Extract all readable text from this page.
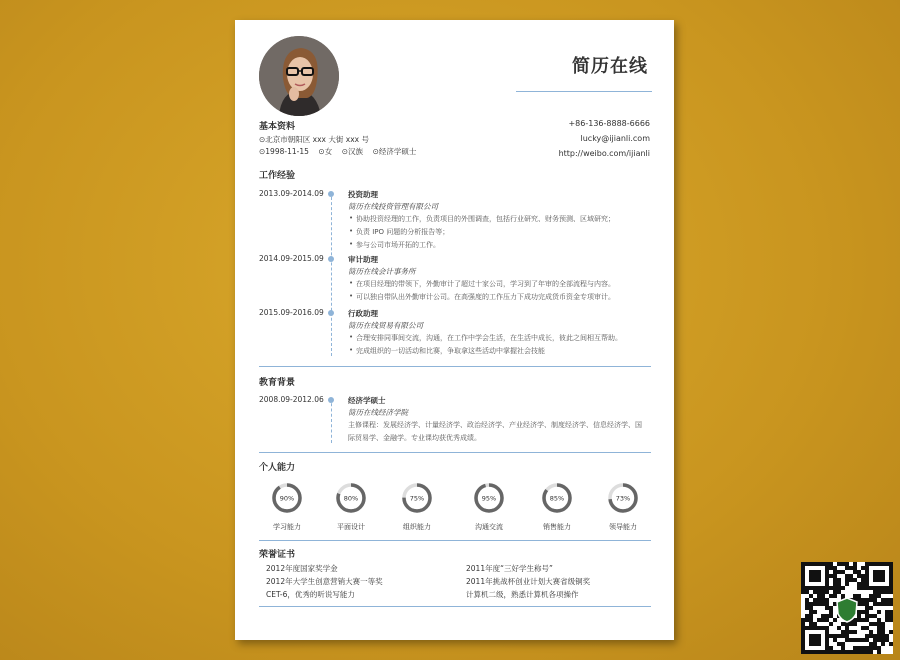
简历在线
+86-136-8888-6666
lucky@ijianli.com
http://weibo.com/ijianli
基本资料
⊙北京市朝阳区 xxx 大街 xxx 号
⊙1998-11-15 ⊙女 ⊙汉族 ⊙经济学硕士
工作经验
2013.09-2014.09	投资助理
简历在线投资管理有限公司
• 协助投资经理的工作，负责项目的外围调查，包括行业研究、财务预测、区域研究；
• 负责 IPO 问题的分析报告等；
• 参与公司市场开拓的工作。
2014.09-2015.09	审计助理
简历在线会计事务所
• 在项目经理的带领下，外勤审计了超过十家公司，学习到了年审的全部流程与内容。
• 可以独自带队出外勤审计公司。在高强度的工作压力下成功完成货币资金专项审计。
2015.09-2016.09	行政助理
简历在线贸易有限公司
• 合理安排同事间交流，沟通，在工作中学会生活，在生活中成长，彼此之间相互帮助。
• 完成组织的一切活动和比赛，争取拿这些活动中掌握社会技能
教育背景
2008.09-2012.06	经济学硕士
简历在线经济学院
主修课程：发展经济学、计量经济学、政治经济学、产业经济学、制度经济学、信息经济学、国际贸易学、金融学。专业课均获优秀成绩。
个人能力
90%
学习能力
80%
平面设计
75%
组织能力
95%
沟通交流
85%
销售能力
73%
领导能力
荣誉证书
2012年度国家奖学金
2012年大学生创意营销大赛一等奖
CET-6，优秀的听说写能力
2011年度“三好学生称号”
2011年挑战杯创业计划大赛省级铜奖
计算机二级，熟悉计算机各项操作
